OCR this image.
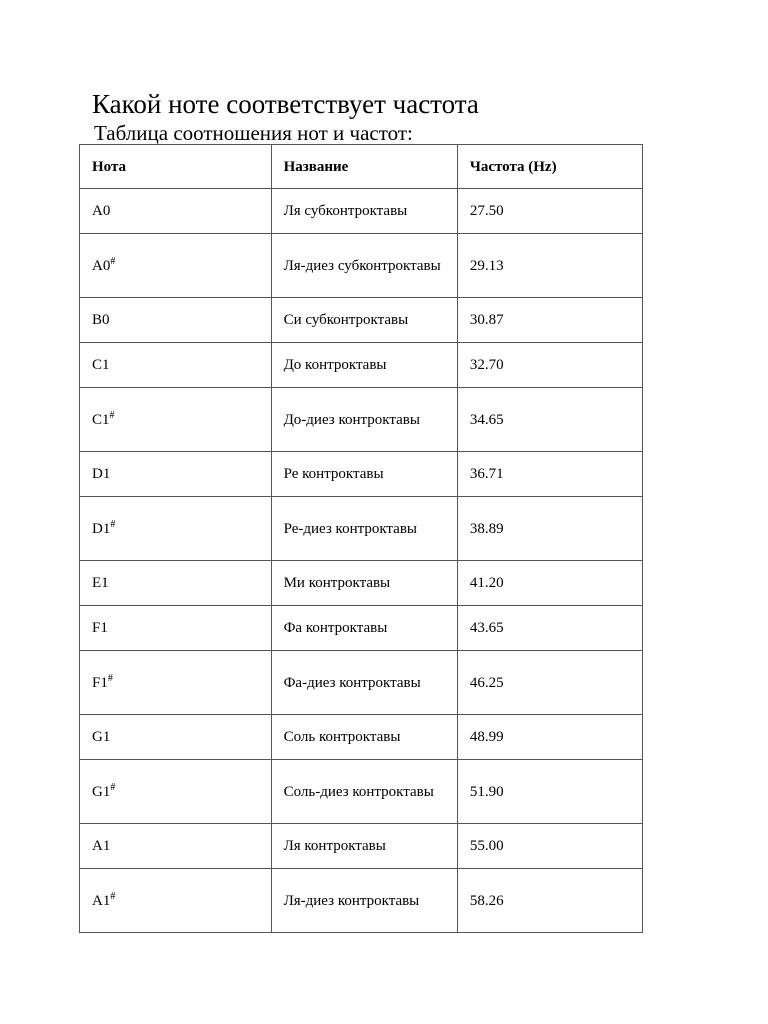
Какой ноте соответствует частота
Таблица соотношения нот и частот:
Нота	Название	Частота (Hz)
A0	Ля субконтроктавы	27.50
A0#	Ля-диез субконтроктавы	29.13
B0	Си субконтроктавы	30.87
C1	До контроктавы	32.70
C1#	До-диез контроктавы	34.65
D1	Ре контроктавы	36.71
D1#	Ре-диез контроктавы	38.89
E1	Ми контроктавы	41.20
F1	Фа контроктавы	43.65
F1#	Фа-диез контроктавы	46.25
G1	Соль контроктавы	48.99
G1#	Соль-диез контроктавы	51.90
A1	Ля контроктавы	55.00
A1#	Ля-диез контроктавы	58.26
